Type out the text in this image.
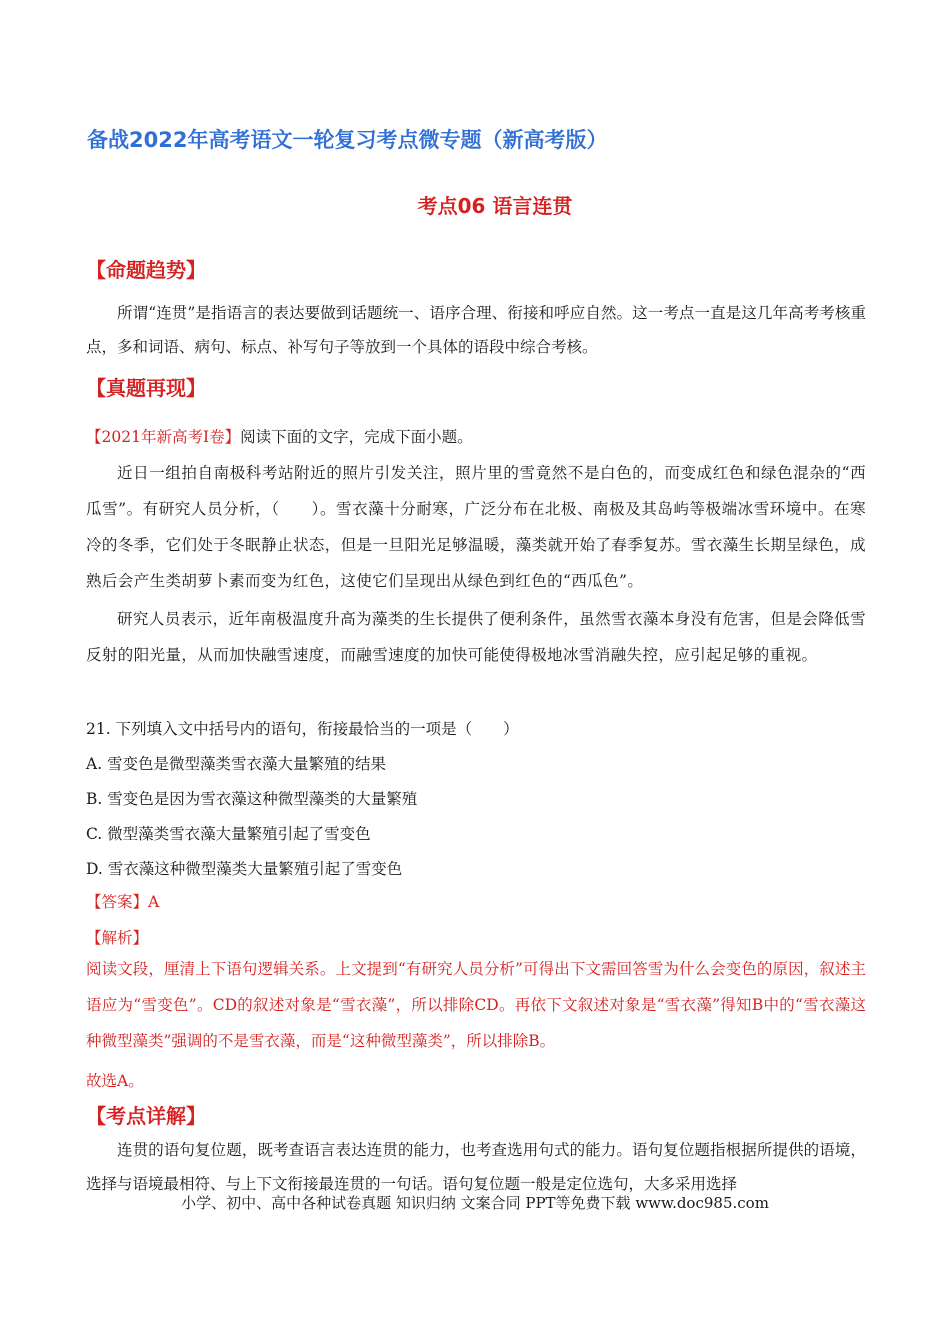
备战2022年高考语文一轮复习考点微专题（新高考版）
考点06 语言连贯
【命题趋势】

所谓“连贯”是指语言的表达要做到话题统一、语序合理、衔接和呼应自然。这一考点一直是这几年高考考核重点，多和词语、病句、标点、补写句子等放到一个具体的语段中综合考核。

【真题再现】
【2021年新高考Ⅰ卷】阅读下面的文字，完成下面小题。

近日一组拍自南极科考站附近的照片引发关注，照片里的雪竟然不是白色的，而变成红色和绿色混杂的“西瓜雪”。有研究人员分析，（　　）。雪衣藻十分耐寒，广泛分布在北极、南极及其岛屿等极端冰雪环境中。在寒冷的冬季，它们处于冬眠静止状态，但是一旦阳光足够温暖，藻类就开始了春季复苏。雪衣藻生长期呈绿色，成熟后会产生类胡萝卜素而变为红色，这使它们呈现出从绿色到红色的“西瓜色”。

研究人员表示，近年南极温度升高为藻类的生长提供了便利条件，虽然雪衣藻本身没有危害，但是会降低雪反射的阳光量，从而加快融雪速度，而融雪速度的加快可能使得极地冰雪消融失控，应引起足够的重视。

21. 下列填入文中括号内的语句，衔接最恰当的一项是（　　）
A. 雪变色是微型藻类雪衣藻大量繁殖的结果
B. 雪变色是因为雪衣藻这种微型藻类的大量繁殖
C. 微型藻类雪衣藻大量繁殖引起了雪变色
D. 雪衣藻这种微型藻类大量繁殖引起了雪变色
【答案】A
【解析】

阅读文段，厘清上下语句逻辑关系。上文提到“有研究人员分析”可得出下文需回答雪为什么会变色的原因，叙述主语应为“雪变色”。CD的叙述对象是“雪衣藻”，所以排除CD。再依下文叙述对象是“雪衣藻”得知B中的“雪衣藻这种微型藻类”强调的不是雪衣藻，而是“这种微型藻类”，所以排除B。

故选A。
【考点详解】

连贯的语句复位题，既考查语言表达连贯的能力，也考查选用句式的能力。语句复位题指根据所提供的语境，选择与语境最相符、与上下文衔接最连贯的一句话。语句复位题一般是定位选句，大多采用选择

小学、初中、高中各种试卷真题 知识归纳 文案合同 PPT等免费下载 www.doc985.com
